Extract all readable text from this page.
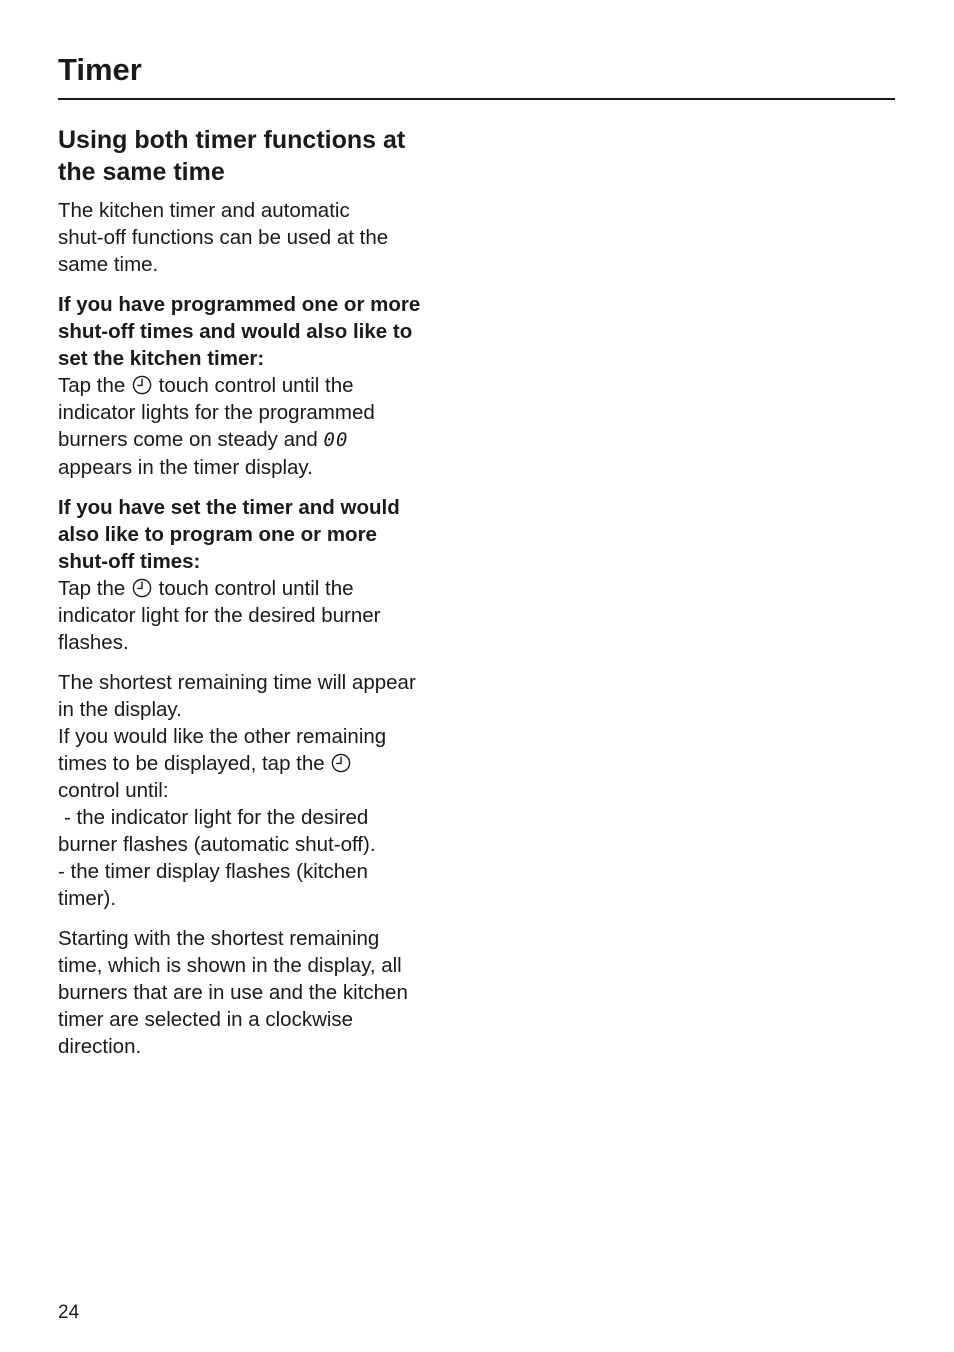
Timer
Using both timer functions at
the same time

The kitchen timer and automatic
shut-off functions can be used at the
same time.

If you have programmed one or more
shut-off times and would also like to
set the kitchen timer:
Tap the touch control until the
indicator lights for the programmed
burners come on steady and 00
appears in the timer display.

If you have set the timer and would
also like to program one or more
shut-off times:
Tap the touch control until the
indicator light for the desired burner
flashes.

The shortest remaining time will appear
in the display.
If you would like the other remaining
times to be displayed, tap the
control until:
- the indicator light for the desired
burner flashes (automatic shut-off).
- the timer display flashes (kitchen
timer).

Starting with the shortest remaining
time, which is shown in the display, all
burners that are in use and the kitchen
timer are selected in a clockwise
direction.

24
